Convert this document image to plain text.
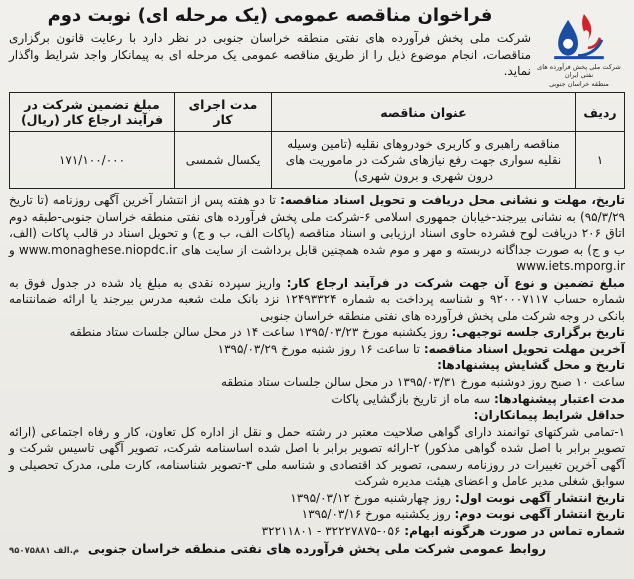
شرکت ملی پخش فرآورده های نفتی ایران
منطقه خراسان جنوبی
فراخوان مناقصه عمومی (یک مرحله ای) نوبت دوم
شرکت ملی پخش فرآورده های نفتی منطقه خراسان جنوبی در نظر دارد با رعایت قانون برگزاری مناقصات، انجام موضوع ذیل را از طریق مناقصه عمومی یک مرحله ای به پیمانکار واجد شرایط واگذار نماید.
ردیف	عنوان مناقصه	مدت اجرای کار	مبلغ تضمین شرکت در فرآیند ارجاع کار (ریال)
۱	مناقصه راهبری و کاربری خودروهای نقلیه (تامین وسیله نقلیه سواری جهت رفع نیازهای شرکت در ماموریت های درون شهری و برون شهری)	یکسال شمسی	۱۷۱/۱۰۰/۰۰۰

تاریخ، مهلت و نشانی محل دریافت و تحویل اسناد مناقصه: تا دو هفته پس از انتشار آخرین آگهی روزنامه (تا تاریخ ۹۵/۳/۲۹) به نشانی بیرجند-خیابان جمهوری اسلامی ۶-شرکت ملی پخش فرآورده های نفتی منطقه خراسان جنوبی-طبقه دوم اتاق ۲۰۶ دریافت لوح فشرده حاوی اسناد ارزیابی و اسناد مناقصه (پاکات الف، ب و ج) و تحویل اسناد در قالب پاکات (الف، ب و ج) به صورت جداگانه دربسته و مهر و موم شده همچنین قابل برداشت از سایت های www.monaghese.niopdc.ir و www.iets.mporg.ir

مبلغ تضمین و نوع آن جهت شرکت در فرآیند ارجاع کار: واریز سپرده نقدی به مبلغ یاد شده در جدول فوق به شماره حساب ۹۲۰۰۰۷۱۱۷ و شناسه پرداخت به شماره ۱۲۴۹۳۳۲۴ نزد بانک ملت شعبه مدرس بیرجند یا ارائه ضمانتنامه بانکی در وجه شرکت ملی پخش فرآورده های نفتی منطقه خراسان جنوبی

تاریخ برگزاری جلسه توجیهی: روز یکشنبه مورخ ۱۳۹۵/۰۳/۲۳ ساعت ۱۴ در محل سالن جلسات ستاد منطقه

آخرین مهلت تحویل اسناد مناقصه: تا ساعت ۱۶ روز شنبه مورخ ۱۳۹۵/۰۳/۲۹

تاریخ و محل گشایش پیشنهادها:

ساعت ۱۰ صبح روز دوشنبه مورخ ۱۳۹۵/۰۳/۳۱ در محل سالن جلسات ستاد منطقه

مدت اعتبار پیشنهادها: سه ماه از تاریخ بازگشایی پاکات

حداقل شرایط پیمانکاران:

۱-تمامی شرکتهای توانمند دارای گواهی صلاحیت معتبر در رشته حمل و نقل از اداره کل تعاون، کار و رفاه اجتماعی (ارائه تصویر برابر با اصل شده گواهی مذکور) ۲-ارائه تصویر برابر با اصل شده اساسنامه شرکت، تصویر آگهی تاسیس شرکت و آگهی آخرین تغییرات در روزنامه رسمی، تصویر کد اقتصادی و شناسه ملی ۳-تصویر شناسنامه، کارت ملی، مدرک تحصیلی و سوابق شغلی مدیر عامل و اعضای هیئت مدیره شرکت

تاریخ انتشار آگهی نوبت اول: روز چهارشنبه مورخ ۱۳۹۵/۰۳/۱۲

تاریخ انتشار آگهی نوبت دوم: روز یکشنبه مورخ ۱۳۹۵/۰۳/۱۶

شماره تماس در صورت هرگونه ابهام: ۰۵۶-۳۲۲۲۷۸۷۵ - ۳۲۲۱۱۸۰۱

روابط عمومی شرکت ملی پخش فرآورده های نفتی منطقه خراسان جنوبی
م.الف ۹۵۰۷۵۸۸۱
